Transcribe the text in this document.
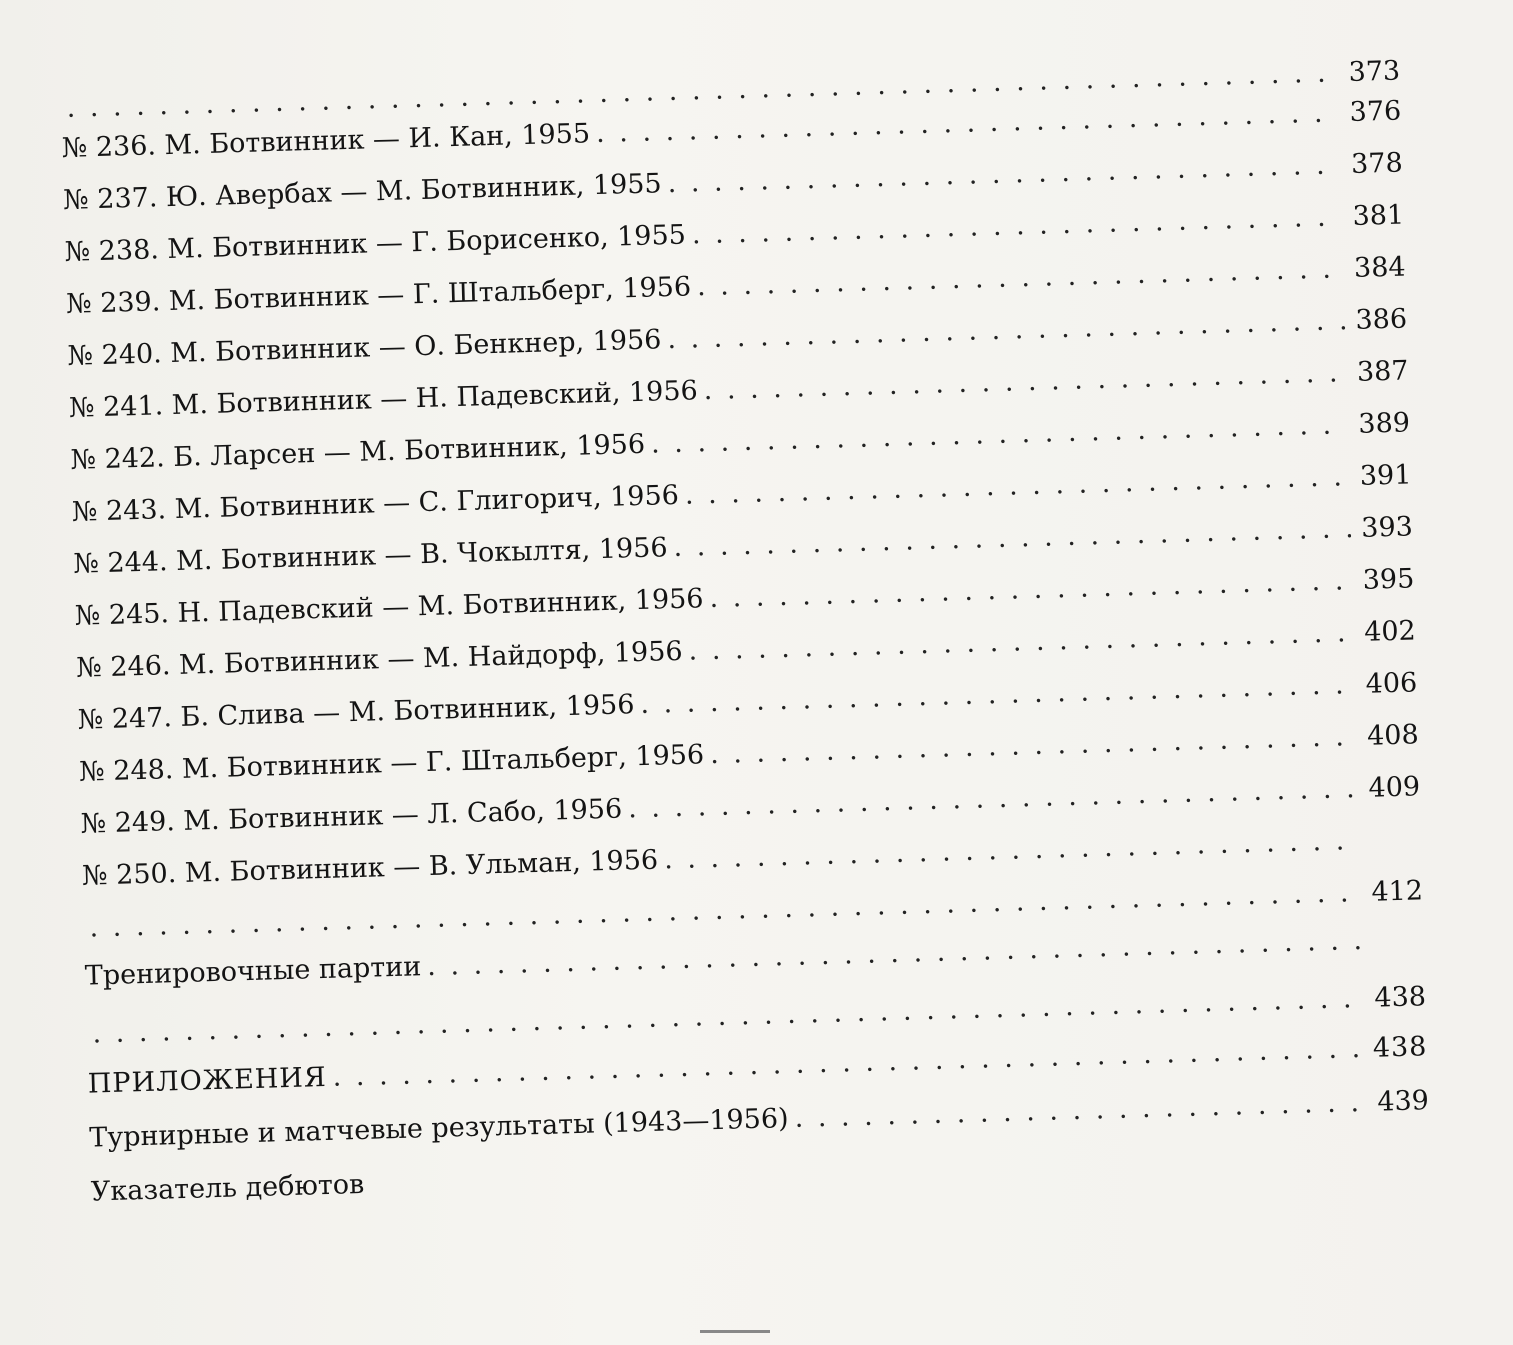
. . .
373
№ 236. М. Ботвинник — И. Кан, 1955
. . .
376
№ 237. Ю. Авербах — М. Ботвинник, 1955
. . .
378
№ 238. М. Ботвинник — Г. Борисенко, 1955
. . .
381
№ 239. М. Ботвинник — Г. Штальберг, 1956
. . .
384
№ 240. М. Ботвинник — О. Бенкнер, 1956
. . .
386
№ 241. М. Ботвинник — Н. Падевский, 1956
. . .
387
№ 242. Б. Ларсен — М. Ботвинник, 1956
. . .
389
№ 243. М. Ботвинник — С. Глигорич, 1956
. . .
391
№ 244. М. Ботвинник — В. Чокылтя, 1956
. . .
393
№ 245. Н. Падевский — М. Ботвинник, 1956
. . .
395
№ 246. М. Ботвинник — М. Найдорф, 1956
. . .
402
№ 247. Б. Слива — М. Ботвинник, 1956
. . .
406
№ 248. М. Ботвинник — Г. Штальберг, 1956
. . .
408
№ 249. М. Ботвинник — Л. Сабо, 1956
. . .
409
№ 250. М. Ботвинник — В. Ульман, 1956
. . .
. . .	412
Тренировочные партии
. . .
. . .
438
ПРИЛОЖЕНИЯ
. . .
438
Турнирные и матчевые результаты (1943—1956)
. . .
439
Указатель дебютов
